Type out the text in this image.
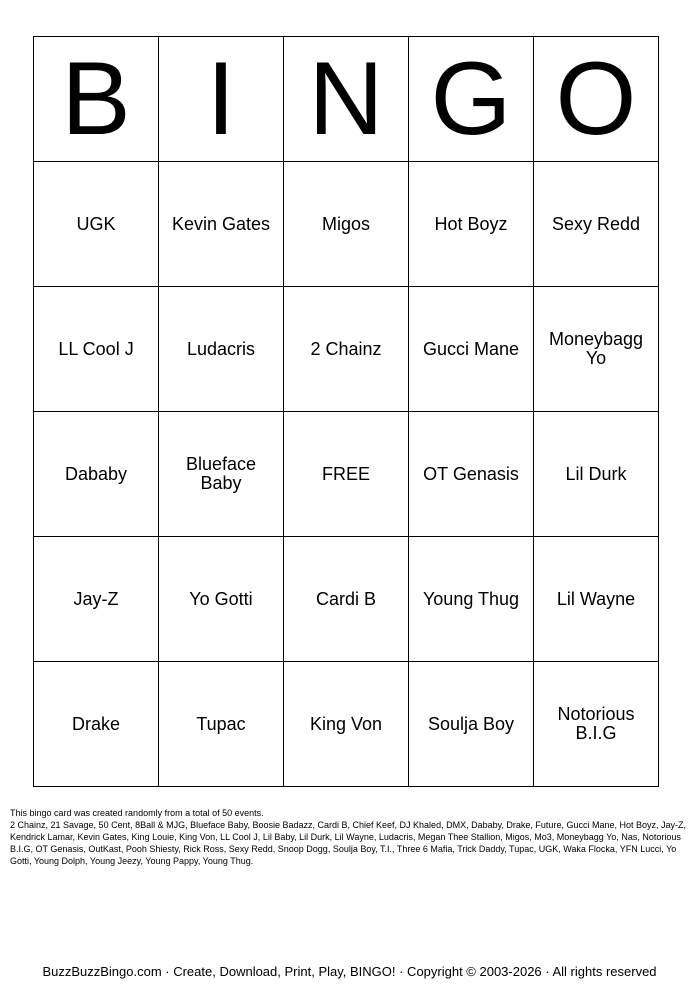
B	I	N	G	O
UGK	Kevin Gates	Migos	Hot Boyz	Sexy Redd
LL Cool J	Ludacris	2 Chainz	Gucci Mane	Moneybagg Yo
Dababy	Blueface Baby	FREE	OT Genasis	Lil Durk
Jay-Z	Yo Gotti	Cardi B	Young Thug	Lil Wayne
Drake	Tupac	King Von	Soulja Boy	Notorious B.I.G

This bingo card was created randomly from a total of 50 events.

2 Chainz, 21 Savage, 50 Cent, 8Ball & MJG, Blueface Baby, Boosie Badazz, Cardi B, Chief Keef, DJ Khaled, DMX, Dababy, Drake, Future, Gucci Mane, Hot Boyz, Jay-Z, Kendrick Lamar, Kevin Gates, King Louie, King Von, LL Cool J, Lil Baby, Lil Durk, Lil Wayne, Ludacris, Megan Thee Stallion, Migos, Mo3, Moneybagg Yo, Nas, Notorious B.I.G, OT Genasis, OutKast, Pooh Shiesty, Rick Ross, Sexy Redd, Snoop Dogg, Soulja Boy, T.I., Three 6 Mafia, Trick Daddy, Tupac, UGK, Waka Flocka, YFN Lucci, Yo Gotti, Young Dolph, Young Jeezy, Young Pappy, Young Thug.

BuzzBuzzBingo.com · Create, Download, Print, Play, BINGO! · Copyright © 2003-2026 · All rights reserved
